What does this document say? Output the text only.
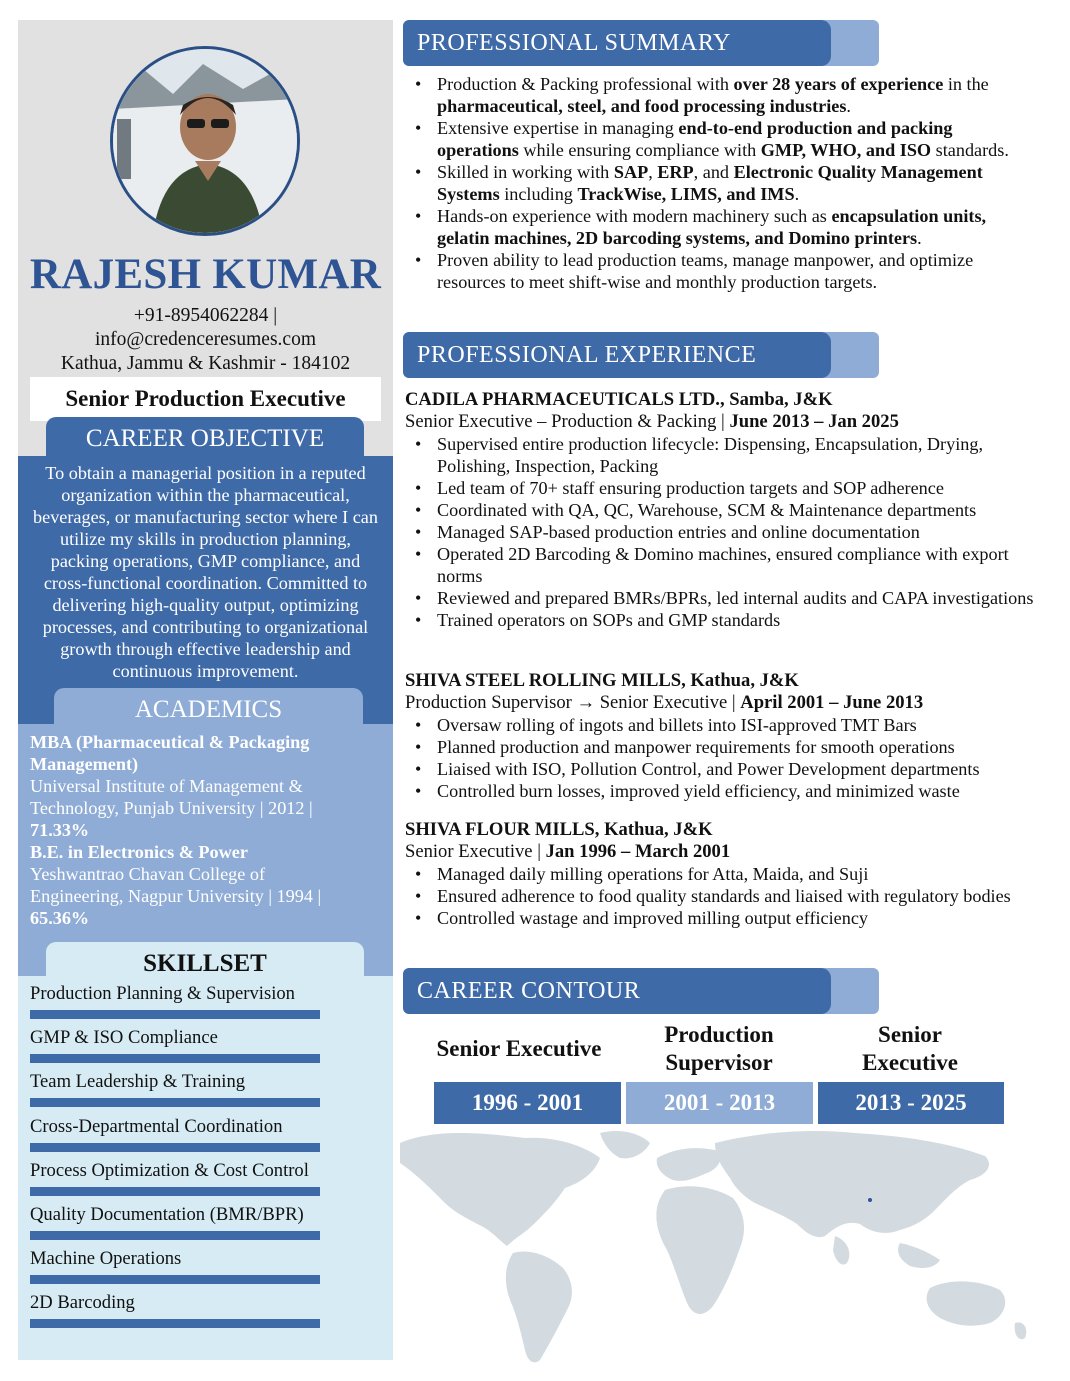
RAJESH KUMAR
+91-8954062284 |
info@credenceresumes.com
Kathua, Jammu & Kashmir - 184102
Senior Production Executive

To obtain a managerial position in a reputed organization within the pharmaceutical, beverages, or manufacturing sector where I can utilize my skills in production planning, packing operations, GMP compliance, and cross-functional coordination. Committed to delivering high-quality output, optimizing processes, and contributing to organizational growth through effective leadership and continuous improvement.

CAREER OBJECTIVE
ACADEMICS
MBA (Pharmaceutical & Packaging Management)
Universal Institute of Management & Technology, Punjab University | 2012 |
71.33%
B.E. in Electronics & Power
Yeshwantrao Chavan College of Engineering, Nagpur University | 1994 |
65.36%
SKILLSET
Production Planning & Supervision
GMP & ISO Compliance
Team Leadership & Training
Cross-Departmental Coordination
Process Optimization & Cost Control
Quality Documentation (BMR/BPR)
Machine Operations
2D Barcoding
PROFESSIONAL SUMMARY
• Production & Packing professional with over 28 years of experience in the pharmaceutical, steel, and food processing industries.
• Extensive expertise in managing end-to-end production and packing operations while ensuring compliance with GMP, WHO, and ISO standards.
• Skilled in working with SAP, ERP, and Electronic Quality Management Systems including TrackWise, LIMS, and IMS.
• Hands-on experience with modern machinery such as encapsulation units, gelatin machines, 2D barcoding systems, and Domino printers.
• Proven ability to lead production teams, manage manpower, and optimize resources to meet shift-wise and monthly production targets.
PROFESSIONAL EXPERIENCE
CADILA PHARMACEUTICALS LTD., Samba, J&K
Senior Executive – Production & Packing | June 2013 – Jan 2025
• Supervised entire production lifecycle: Dispensing, Encapsulation, Drying, Polishing, Inspection, Packing
• Led team of 70+ staff ensuring production targets and SOP adherence
• Coordinated with QA, QC, Warehouse, SCM & Maintenance departments
• Managed SAP-based production entries and online documentation
• Operated 2D Barcoding & Domino machines, ensured compliance with export norms
• Reviewed and prepared BMRs/BPRs, led internal audits and CAPA investigations
• Trained operators on SOPs and GMP standards
SHIVA STEEL ROLLING MILLS, Kathua, J&K
Production Supervisor → Senior Executive | April 2001 – June 2013
• Oversaw rolling of ingots and billets into ISI-approved TMT Bars
• Planned production and manpower requirements for smooth operations
• Liaised with ISO, Pollution Control, and Power Development departments
• Controlled burn losses, improved yield efficiency, and minimized waste
SHIVA FLOUR MILLS, Kathua, J&K
Senior Executive | Jan 1996 – March 2001
• Managed daily milling operations for Atta, Maida, and Suji
• Ensured adherence to food quality standards and liaised with regulatory bodies
• Controlled wastage and improved milling output efficiency
CAREER CONTOUR
Senior Executive
Production Supervisor
Senior Executive
1996 - 2001	2001 - 2013	2013 - 2025
